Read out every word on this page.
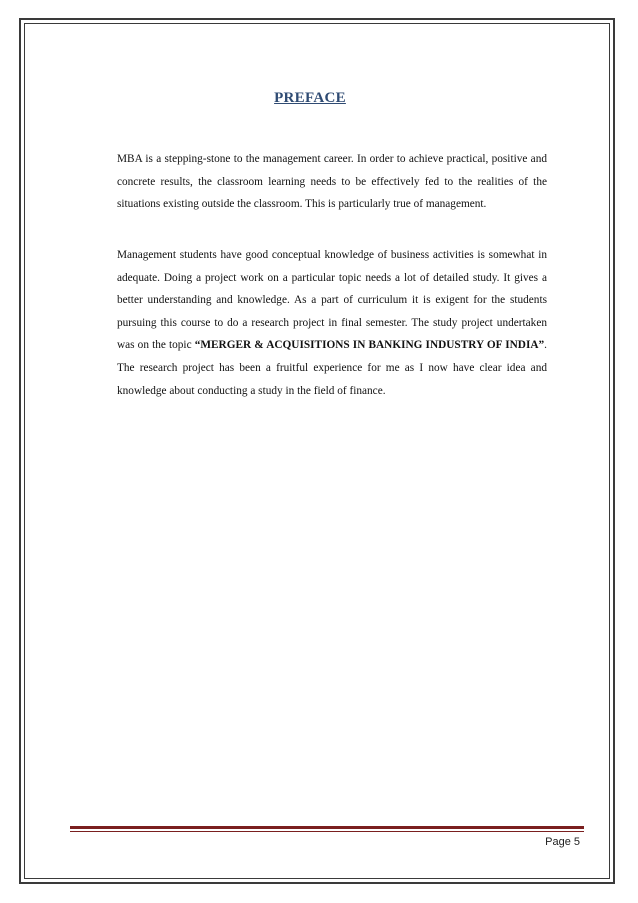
PREFACE

MBA is a stepping-stone to the management career. In order to achieve practical, positive and concrete results, the classroom learning needs to be effectively fed to the realities of the situations existing outside the classroom. This is particularly true of management.

Management students have good conceptual knowledge of business activities is somewhat in adequate. Doing a project work on a particular topic needs a lot of detailed study. It gives a better understanding and knowledge. As a part of curriculum it is exigent for the students pursuing this course to do a research project in final semester. The study project undertaken was on the topic “MERGER & ACQUISITIONS IN BANKING INDUSTRY OF INDIA”. The research project has been a fruitful experience for me as I now have clear idea and knowledge about conducting a study in the field of finance.

Page 5
